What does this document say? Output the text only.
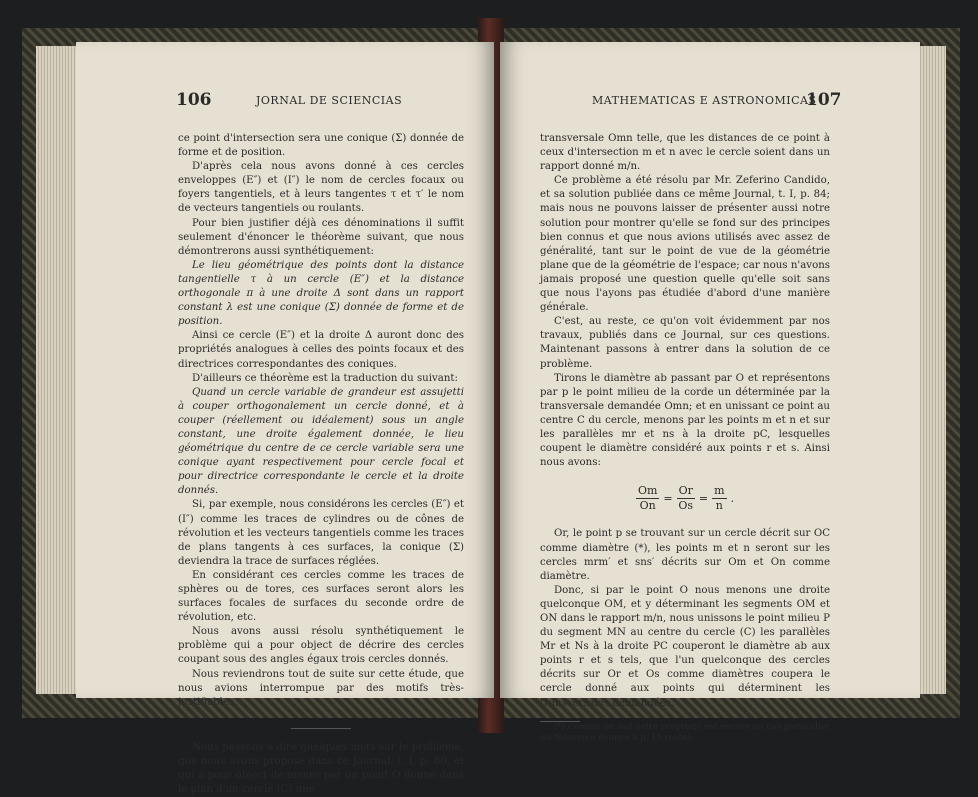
106	JORNAL DE SCIENCIAS

ce point d'intersection sera une conique (Σ) donnée de forme et de position.

D'après cela nous avons donné à ces cercles enveloppes (E″) et (I″) le nom de cercles focaux ou foyers tangentiels, et à leurs tangentes τ et τ′ le nom de vecteurs tangentiels ou roulants.

Pour bien justifier déjà ces dénominations il suffit seulement d'énoncer le théorème suivant, que nous démontrerons aussi synthétiquement:

Le lieu géométrique des points dont la distance tangentielle τ à un cercle (E″) et la distance orthogonale π à une droite Δ sont dans un rapport constant λ est une conique (Σ) donnée de forme et de position.

Ainsi ce cercle (E″) et la droite Δ auront donc des propriétés analogues à celles des points focaux et des directrices correspondantes des coniques.

D'ailleurs ce théorème est la traduction du suivant:

Quand un cercle variable de grandeur est assujetti à couper orthogonalement un cercle donné, et à couper (réellement ou idéalement) sous un angle constant, une droite également donnée, le lieu géométrique du centre de ce cercle variable sera une conique ayant respectivement pour cercle focal et pour directrice correspondante le cercle et la droite donnés.

Si, par exemple, nous considérons les cercles (E″) et (I″) comme les traces de cylindres ou de cônes de révolution et les vecteurs tangentiels comme les traces de plans tangents à ces surfaces, la conique (Σ) deviendra la trace de surfaces réglées.

En considérant ces cercles comme les traces de sphères ou de tores, ces surfaces seront alors les surfaces focales de surfaces du seconde ordre de révolution, etc.

Nous avons aussi résolu synthétiquement le problème qui a pour object de décrire des cercles coupant sous des angles égaux trois cercles donnés.

Nous reviendrons tout de suite sur cette étude, que nous avions interrompue par des motifs très-justifiables.

Nous passons à dire quelques mots sur le problème, que nous avons proposé dans ce Journal, t. I, p. 80, et qui a pour object de mener par un point O donné dans le plan d'un cercle (C) une

MATHEMATICAS E ASTRONOMICAS
107

transversale Omn telle, que les distances de ce point à ceux d'intersection m et n avec le cercle soient dans un rapport donné m/n.

Ce problème a été résolu par Mr. Zeferino Candido, et sa solution publiée dans ce même Journal, t. I, p. 84; mais nous ne pouvons laisser de présenter aussi notre solution pour montrer qu'elle se fond sur des principes bien connus et que nous avions utilisés avec assez de généralité, tant sur le point de vue de la géométrie plane que de la géométrie de l'espace; car nous n'avons jamais proposé une question quelle qu'elle soit sans que nous l'ayons pas étudiée d'abord d'une manière générale.

C'est, au reste, ce qu'on voit évidemment par nos travaux, publiés dans ce Journal, sur ces questions. Maintenant passons à entrer dans la solution de ce problème.

Tirons le diamètre ab passant par O et représentons par p le point milieu de la corde un déterminée par la transversale demandée Omn; et en unissant ce point au centre C du cercle, menons par les points m et n et sur les parallèles mr et ns à la droite pC, lesquelles coupent le diamètre considéré aux points r et s. Ainsi nous avons:

$\frac{Om}{On} = \frac{Or}{Os} = \frac{m}{n}$ .

Or, le point p se trouvant sur un cercle décrit sur OC comme diamètre (*), les points m et n seront sur les cercles mrm′ et sns′ décrits sur Om et On comme diamètre.

Donc, si par le point O nous menons une droite quelconque OM, et y déterminant les segments OM et ON dans le rapport m/n, nous unissons le point milieu P du segment MN au centre du cercle (C) les parallèles Mr et Ns à la droite PC couperont le diamètre ab aux points r et s tels, que l'un quelconque des cercles décrits sur Or et Os comme diamètres coupera le cercle donné aux points qui déterminent les transversales demandées.

(*) Comme on sait cette propriété est encore un cas particulier du théorème énoncé à p. 15 (note).
